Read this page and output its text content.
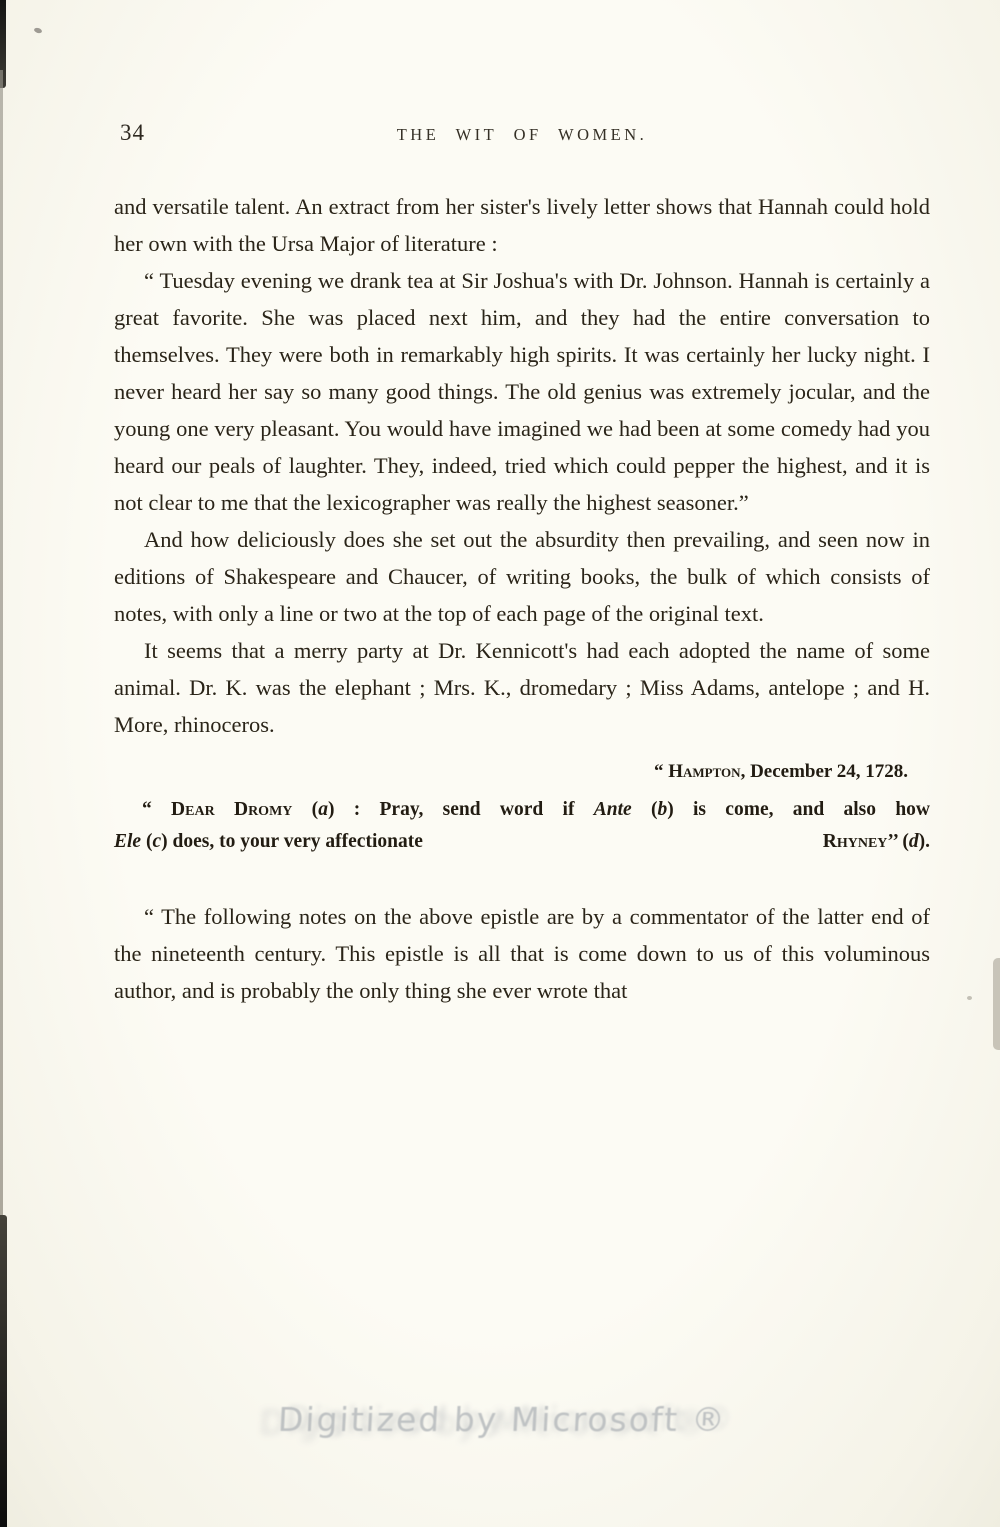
34	THE WIT OF WOMEN.

and versatile talent. An extract from her sister's lively letter shows that Hannah could hold her own with the Ursa Major of literature :

“ Tuesday evening we drank tea at Sir Joshua's with Dr. Johnson. Hannah is certainly a great favorite. She was placed next him, and they had the entire conversation to themselves. They were both in remarkably high spirits. It was certainly her lucky night. I never heard her say so many good things. The old genius was extremely jocular, and the young one very pleasant. You would have imagined we had been at some comedy had you heard our peals of laughter. They, indeed, tried which could pepper the highest, and it is not clear to me that the lexicographer was really the highest seasoner.”

And how deliciously does she set out the absurdity then prevailing, and seen now in editions of Shakespeare and Chaucer, of writing books, the bulk of which consists of notes, with only a line or two at the top of each page of the original text.

It seems that a merry party at Dr. Kennicott's had each adopted the name of some animal. Dr. K. was the elephant ; Mrs. K., dromedary ; Miss Adams, antelope ; and H. More, rhinoceros.

“ Hampton, December 24, 1728.
“ Dear Dromy (a) : Pray, send word if Ante (b) is come, and also how
Ele (c) does, to your very affectionate	Rhyney’’ (d).

“ The following notes on the above epistle are by a commentator of the latter end of the nineteenth century. This epistle is all that is come down to us of this voluminous author, and is probably the only thing she ever wrote that

Digitized by Microsoft ®
